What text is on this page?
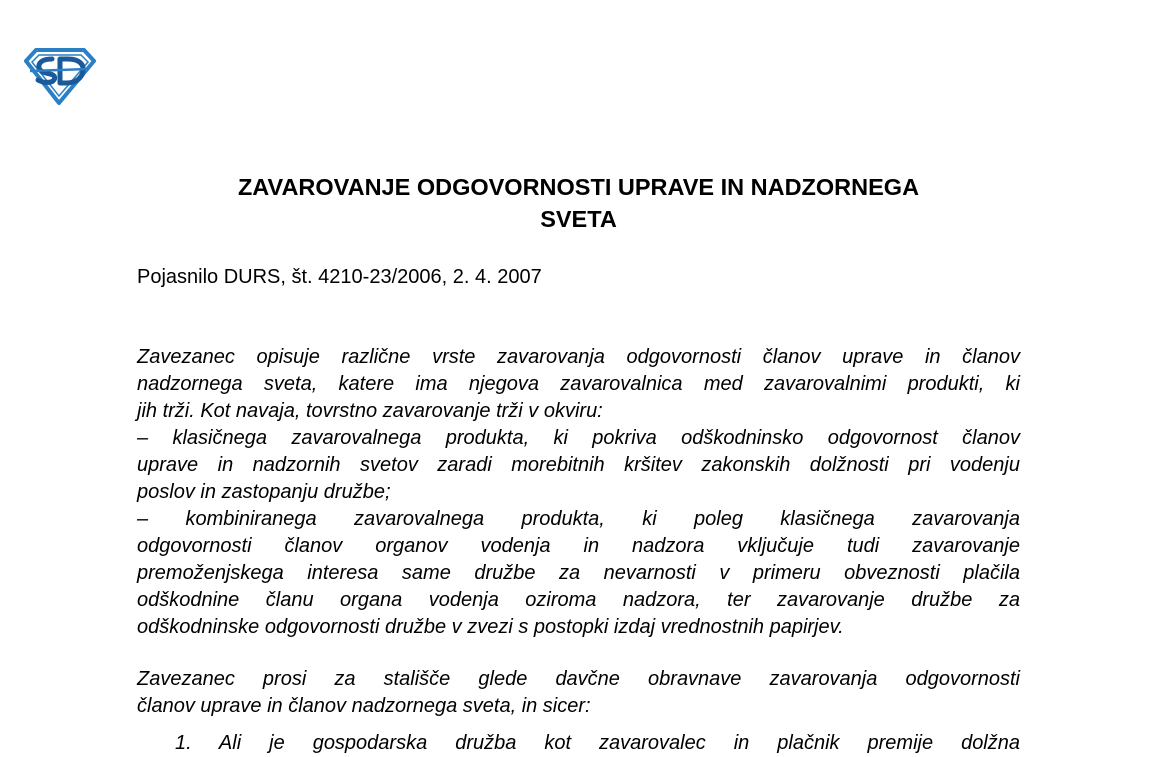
ZAVAROVANJE ODGOVORNOSTI UPRAVE IN NADZORNEGA
SVETA

Pojasnilo DURS, št. 4210-23/2006, 2. 4. 2007

Zavezanec opisuje različne vrste zavarovanja odgovornosti članov uprave in članov
nadzornega sveta, katere ima njegova zavarovalnica med zavarovalnimi produkti, ki
jih trži. Kot navaja, tovrstno zavarovanje trži v okviru:
– klasičnega zavarovalnega produkta, ki pokriva odškodninsko odgovornost članov
uprave in nadzornih svetov zaradi morebitnih kršitev zakonskih dolžnosti pri vodenju
poslov in zastopanju družbe;
– kombiniranega zavarovalnega produkta, ki poleg klasičnega zavarovanja
odgovornosti članov organov vodenja in nadzora vključuje tudi zavarovanje
premoženjskega interesa same družbe za nevarnosti v primeru obveznosti plačila
odškodnine članu organa vodenja oziroma nadzora, ter zavarovanje družbe za
odškodninske odgovornosti družbe v zvezi s postopki izdaj vrednostnih papirjev.
Zavezanec prosi za stališče glede davčne obravnave zavarovanja odgovornosti
članov uprave in članov nadzornega sveta, in sicer:

1. Ali je gospodarska družba kot zavarovalec in plačnik premije dolžna
